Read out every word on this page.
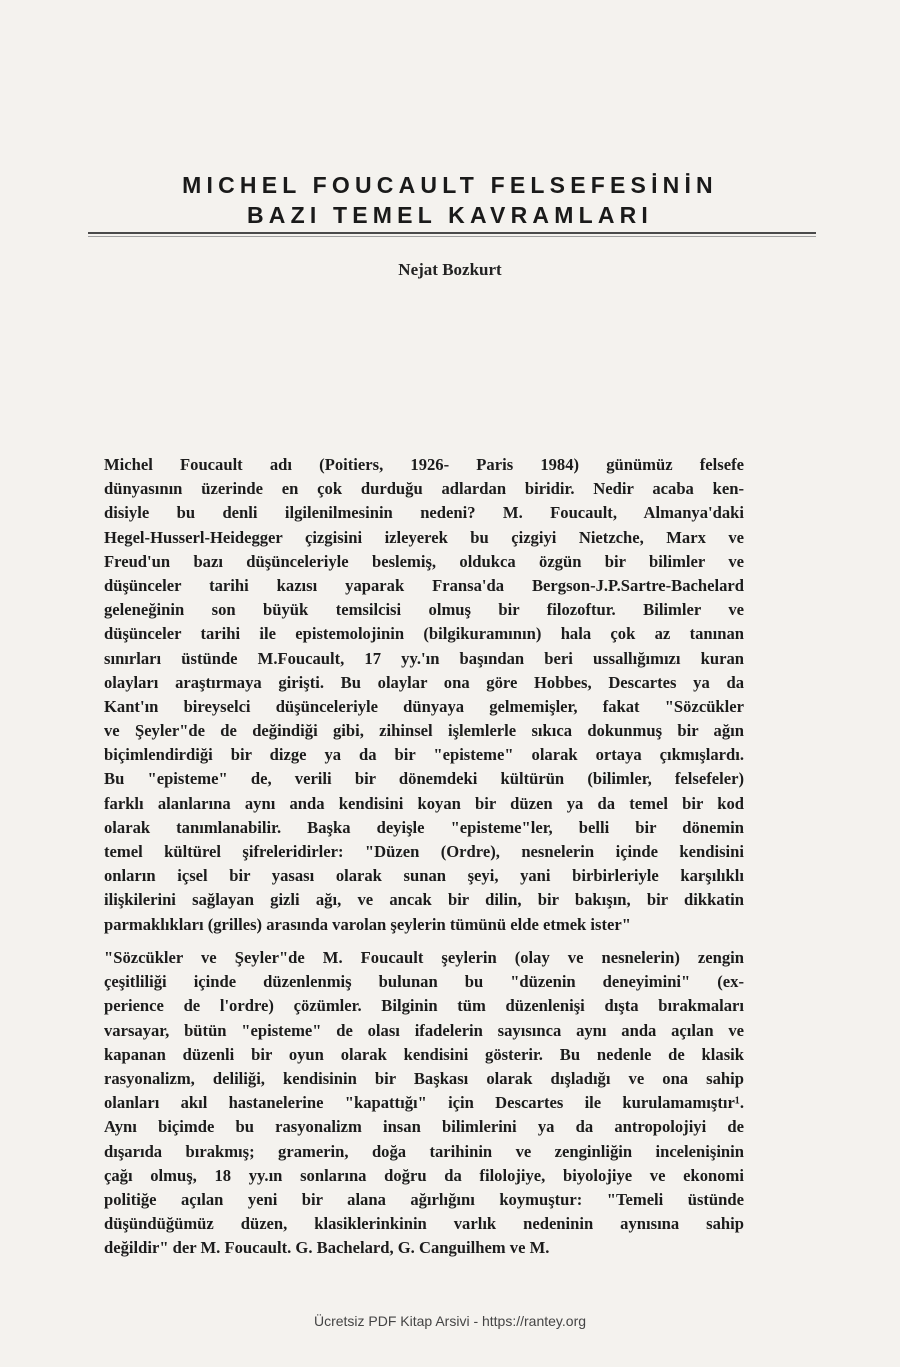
MICHEL FOUCAULT FELSEFESİNİN
BAZI TEMEL KAVRAMLARI
Nejat Bozkurt
Michel Foucault adı (Poitiers, 1926- Paris 1984) günümüz felsefe
dünyasının üzerinde en çok durduğu adlardan biridir. Nedir acaba ken-
disiyle bu denli ilgilenilmesinin nedeni? M. Foucault, Almanya'daki
Hegel-Husserl-Heidegger çizgisini izleyerek bu çizgiyi Nietzche, Marx ve
Freud'un bazı düşünceleriyle beslemiş, oldukca özgün bir bilimler ve
düşünceler tarihi kazısı yaparak Fransa'da Bergson-J.P.Sartre-Bachelard
geleneğinin son büyük temsilcisi olmuş bir filozoftur. Bilimler ve
düşünceler tarihi ile epistemolojinin (bilgikuramının) hala çok az tanınan
sınırları üstünde M.Foucault, 17 yy.'ın başından beri ussallığımızı kuran
olayları araştırmaya girişti. Bu olaylar ona göre Hobbes, Descartes ya da
Kant'ın bireyselci düşünceleriyle dünyaya gelmemişler, fakat "Sözcükler
ve Şeyler"de de değindiği gibi, zihinsel işlemlerle sıkıca dokunmuş bir ağın
biçimlendirdiği bir dizge ya da bir "episteme" olarak ortaya çıkmışlardı.
Bu "episteme" de, verili bir dönemdeki kültürün (bilimler, felsefeler)
farklı alanlarına aynı anda kendisini koyan bir düzen ya da temel bir kod
olarak tanımlanabilir. Başka deyişle "episteme"ler, belli bir dönemin
temel kültürel şifreleridirler: "Düzen (Ordre), nesnelerin içinde kendisini
onların içsel bir yasası olarak sunan şeyi, yani birbirleriyle karşılıklı
ilişkilerini sağlayan gizli ağı, ve ancak bir dilin, bir bakışın, bir dikkatin
parmaklıkları (grilles) arasında varolan şeylerin tümünü elde etmek ister"
"Sözcükler ve Şeyler"de M. Foucault şeylerin (olay ve nesnelerin) zengin
çeşitliliği içinde düzenlenmiş bulunan bu "düzenin deneyimini" (ex-
perience de l'ordre) çözümler. Bilginin tüm düzenlenişi dışta bırakmaları
varsayar, bütün "episteme" de olası ifadelerin sayısınca aynı anda açılan ve
kapanan düzenli bir oyun olarak kendisini gösterir. Bu nedenle de klasik
rasyonalizm, deliliği, kendisinin bir Başkası olarak dışladığı ve ona sahip
olanları akıl hastanelerine "kapattığı" için Descartes ile kurulamamıştır¹.
Aynı biçimde bu rasyonalizm insan bilimlerini ya da antropolojiyi de
dışarıda bırakmış; gramerin, doğa tarihinin ve zenginliğin incelenişinin
çağı olmuş, 18 yy.ın sonlarına doğru da filolojiye, biyolojiye ve ekonomi
politiğe açılan yeni bir alana ağırlığını koymuştur: "Temeli üstünde
düşündüğümüz düzen, klasiklerinkinin varlık nedeninin aynısına sahip
değildir" der M. Foucault. G. Bachelard, G. Canguilhem ve M.
Ücretsiz PDF Kitap Arsivi - https://rantey.org
